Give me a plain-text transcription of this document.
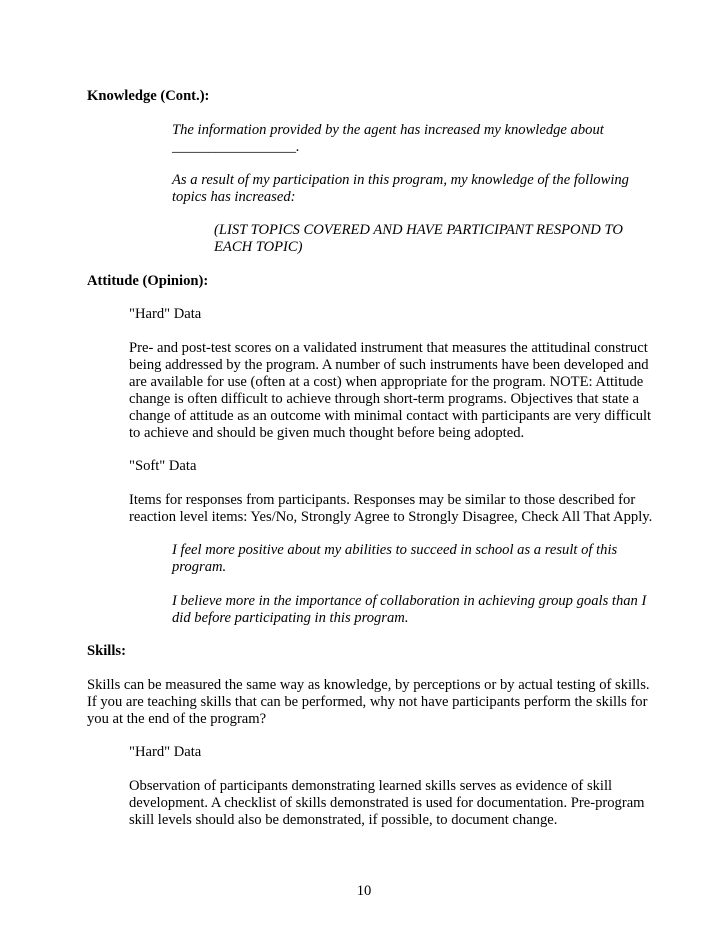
Knowledge (Cont.):
The information provided by the agent has increased my knowledge about
_________________.
As a result of my participation in this program, my knowledge of the following
topics has increased:
(LIST TOPICS COVERED AND HAVE PARTICIPANT RESPOND TO
EACH TOPIC)
Attitude (Opinion):
"Hard" Data
Pre- and post-test scores on a validated instrument that measures the attitudinal construct
being addressed by the program. A number of such instruments have been developed and
are available for use (often at a cost) when appropriate for the program. NOTE: Attitude
change is often difficult to achieve through short-term programs. Objectives that state a
change of attitude as an outcome with minimal contact with participants are very difficult
to achieve and should be given much thought before being adopted.
"Soft" Data
Items for responses from participants. Responses may be similar to those described for
reaction level items: Yes/No, Strongly Agree to Strongly Disagree, Check All That Apply.
I feel more positive about my abilities to succeed in school as a result of this
program.
I believe more in the importance of collaboration in achieving group goals than I
did before participating in this program.
Skills:
Skills can be measured the same way as knowledge, by perceptions or by actual testing of skills.
If you are teaching skills that can be performed, why not have participants perform the skills for
you at the end of the program?
"Hard" Data
Observation of participants demonstrating learned skills serves as evidence of skill
development. A checklist of skills demonstrated is used for documentation. Pre-program
skill levels should also be demonstrated, if possible, to document change.
10
